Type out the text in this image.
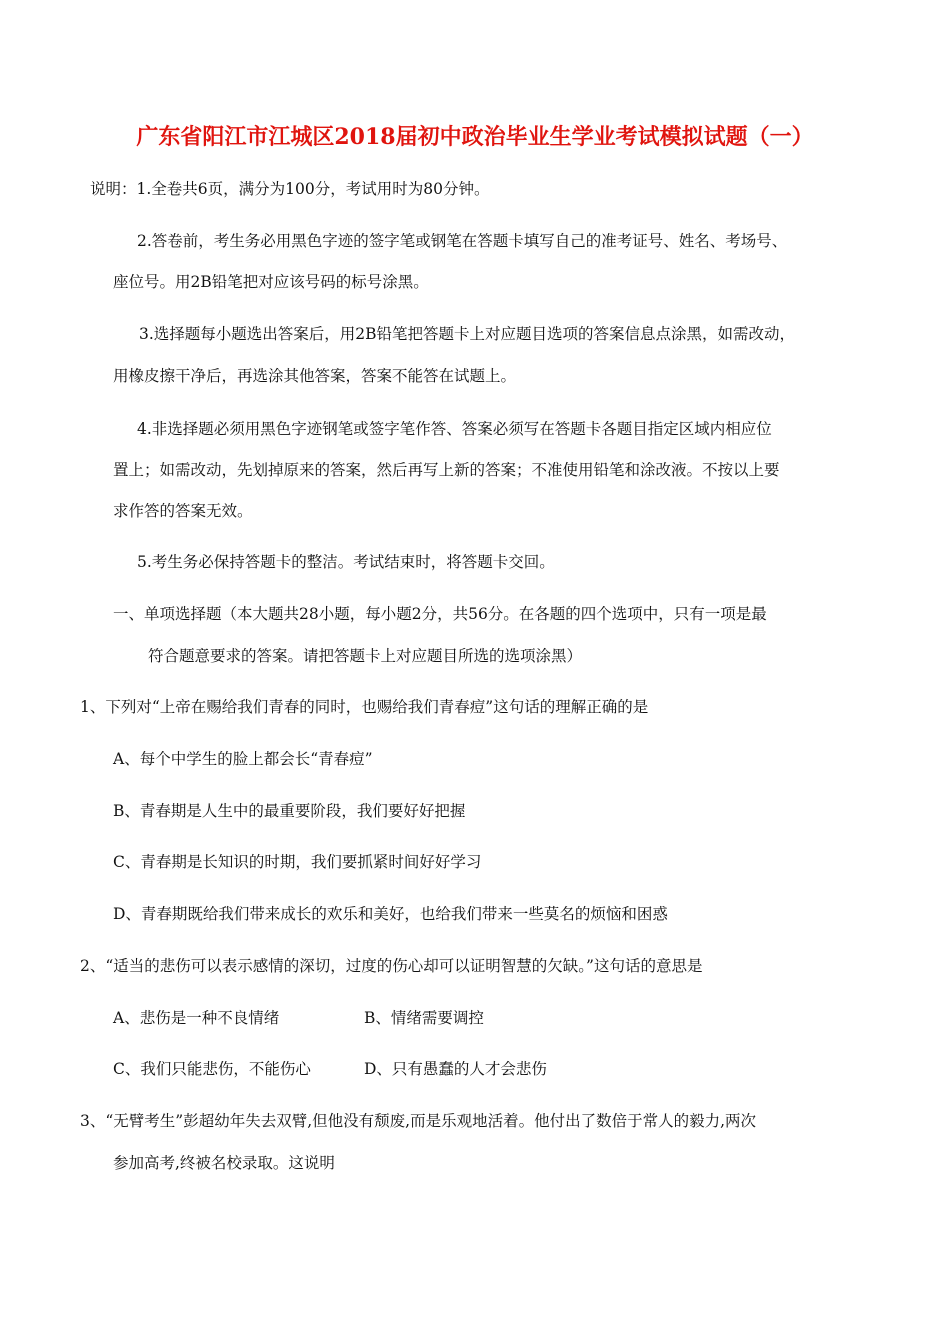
广东省阳江市江城区2018届初中政治毕业生学业考试模拟试题（一）
说明：1.全卷共6页，满分为100分，考试用时为80分钟。
2.答卷前，考生务必用黑色字迹的签字笔或钢笔在答题卡填写自己的准考证号、姓名、考场号、
座位号。用2B铅笔把对应该号码的标号涂黑。
3.选择题每小题选出答案后，用2B铅笔把答题卡上对应题目选项的答案信息点涂黑，如需改动，
用橡皮擦干净后，再选涂其他答案，答案不能答在试题上。
4.非选择题必须用黑色字迹钢笔或签字笔作答、答案必须写在答题卡各题目指定区域内相应位
置上；如需改动，先划掉原来的答案，然后再写上新的答案；不准使用铅笔和涂改液。不按以上要
求作答的答案无效。
5.考生务必保持答题卡的整洁。考试结束时，将答题卡交回。
一、单项选择题（本大题共28小题，每小题2分，共56分。在各题的四个选项中，只有一项是最
符合题意要求的答案。请把答题卡上对应题目所选的选项涂黑）
1、下列对“上帝在赐给我们青春的同时，也赐给我们青春痘”这句话的理解正确的是
A、每个中学生的脸上都会长“青春痘”
B、青春期是人生中的最重要阶段，我们要好好把握
C、青春期是长知识的时期，我们要抓紧时间好好学习
D、青春期既给我们带来成长的欢乐和美好，也给我们带来一些莫名的烦恼和困惑
2、“适当的悲伤可以表示感情的深切，过度的伤心却可以证明智慧的欠缺。”这句话的意思是
A、悲伤是一种不良情绪	B、情绪需要调控
C、我们只能悲伤，不能伤心	D、只有愚蠢的人才会悲伤
3、“无臂考生”彭超幼年失去双臂,但他没有颓废,而是乐观地活着。他付出了数倍于常人的毅力,两次
参加高考,终被名校录取。这说明
